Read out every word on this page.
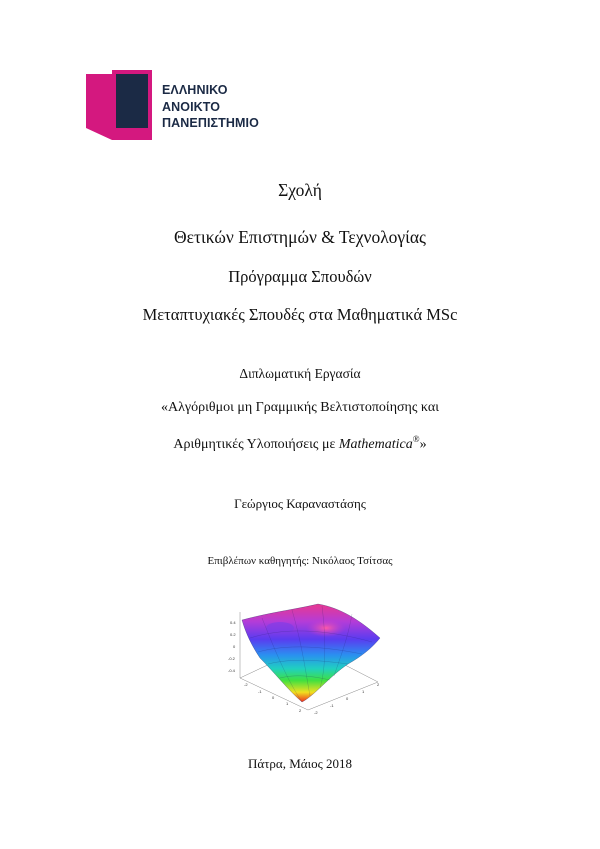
ΕΛΛΗΝΙΚΟ
ΑΝΟΙΚΤΟ
ΠΑΝΕΠΙΣΤΗΜΙΟ
Σχολή
Θετικών Επιστημών & Τεχνολογίας
Πρόγραμμα Σπουδών
Μεταπτυχιακές Σπουδές στα Μαθηματικά MSc
Διπλωματική Εργασία
«Αλγόριθμοι μη Γραμμικής Βελτιστοποίησης και
Αριθμητικές Υλοποιήσεις με Mathematica®»
Γεώργιος Καραναστάσης
Επιβλέπων καθηγητής: Νικόλαος Τσίτσας
0.4
0.2
0
-0.2
-0.4
-2
-1
0
1
2	-2
-1
0
1
2
Πάτρα, Μάιος 2018
